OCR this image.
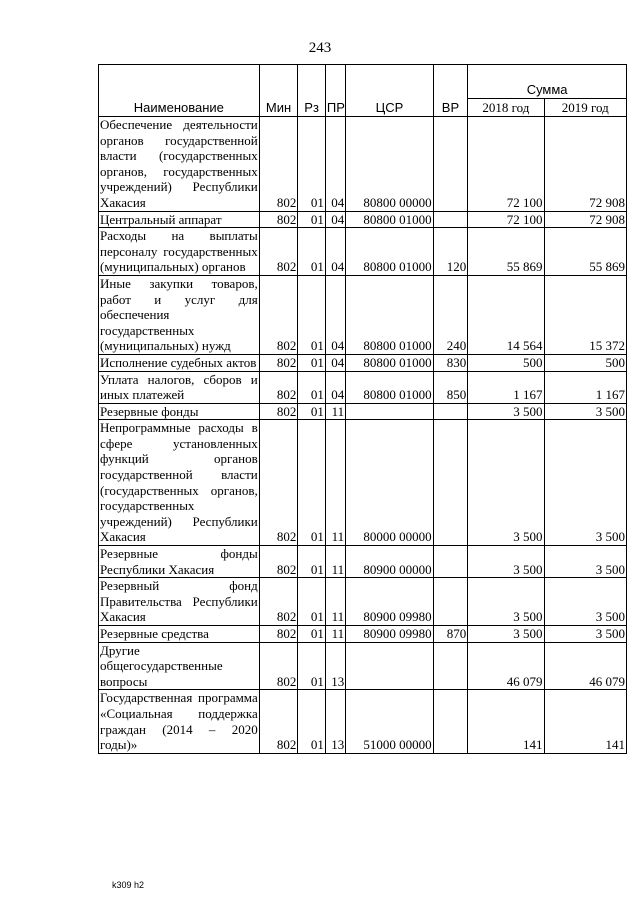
243
Наименование	Мин	Рз	ПР	ЦСР	ВР	Сумма	
						2018 год	2019 год
Обеспечение деятельности органов государственной власти (государственных органов, государственных учреждений) Республики Хакасия	802	01	04	80800 00000		72 100	72 908
Центральный аппарат	802	01	04	80800 01000		72 100	72 908
Расходы на выплаты персоналу государственных (муниципальных) органов	802	01	04	80800 01000	120	55 869	55 869
Иные закупки товаров, работ и услуг для обеспечения государственных (муниципальных) нужд	802	01	04	80800 01000	240	14 564	15 372
Исполнение судебных актов	802	01	04	80800 01000	830	500	500
Уплата налогов, сборов и иных платежей	802	01	04	80800 01000	850	1 167	1 167
Резервные фонды	802	01	11			3 500	3 500
Непрограммные расходы в сфере установленных функций органов государственной власти (государственных органов, государственных учреждений) Республики Хакасия	802	01	11	80000 00000		3 500	3 500
Резервные фонды Республики Хакасия	802	01	11	80900 00000		3 500	3 500
Резервный фонд Правительства Республики Хакасия	802	01	11	80900 09980		3 500	3 500
Резервные средства	802	01	11	80900 09980	870	3 500	3 500
Другие общегосударственные вопросы	802	01	13			46 079	46 079
Государственная программа «Социальная поддержка граждан (2014 – 2020 годы)»	802	01	13	51000 00000		141	141
k309 h2
